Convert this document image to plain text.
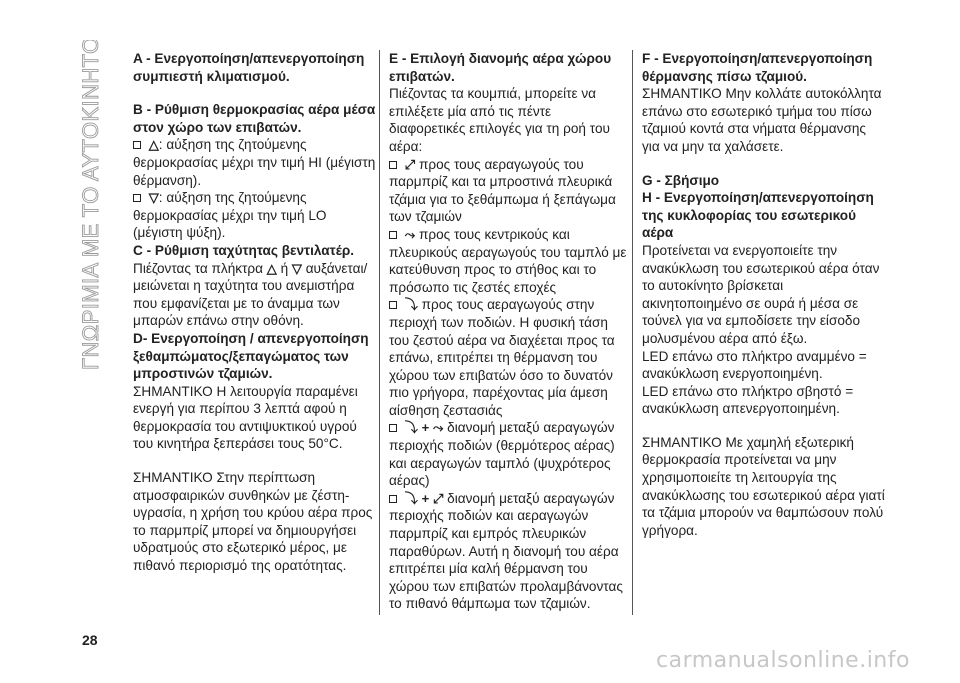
ΓΝΩΡΙΜΙΑ ΜΕ ΤΟ ΑΥΤΟΚΙΝΗΤΟ A - Ενεργοποίηση/απενεργοποίηση συμπιεστή κλιματισμού.

B - Ρύθμιση θερμοκρασίας αέρα μέσα στον χώρο των επιβατών.

△: αύξηση της ζητούμενης θερμοκρασίας μέχρι την τιμή HI (μέγιστη θέρμανση).

▽: αύξηση της ζητούμενης θερμοκρασίας μέχρι την τιμή LO (μέγιστη ψύξη).

C - Ρύθμιση ταχύτητας βεντιλατέρ.

Πιέζοντας τα πλήκτρα △ ή ▽ αυξάνεται/μειώνεται η ταχύτητα του ανεμιστήρα που εμφανίζεται με το άναμμα των μπαρών επάνω στην οθόνη.

D- Ενεργοποίηση / απενεργοποίηση ξεθαμπώματος/ξεπαγώματος των μπροστινών τζαμιών.

ΣΗΜΑΝΤΙΚΟ Η λειτουργία παραμένει ενεργή για περίπου 3 λεπτά αφού η θερμοκρασία του αντιψυκτικού υγρού του κινητήρα ξεπεράσει τους 50°C.

ΣΗΜΑΝΤΙΚΟ Στην περίπτωση ατμοσφαιρικών συνθηκών με ζέστη-υγρασία, η χρήση του κρύου αέρα προς το παρμπρίζ μπορεί να δημιουργήσει υδρατμούς στο εξωτερικό μέρος, με πιθανό περιορισμό της ορατότητας.

E - Επιλογή διανομής αέρα χώρου επιβατών.

Πιέζοντας τα κουμπιά, μπορείτε να επιλέξετε μία από τις πέντε διαφορετικές επιλογές για τη ροή του αέρα:

⤢ προς τους αεραγωγούς του παρμπρίζ και τα μπροστινά πλευρικά τζάμια για το ξεθάμπωμα ή ξεπάγωμα των τζαμιών

⤳ προς τους κεντρικούς και πλευρικούς αεραγωγούς του ταμπλό με κατεύθυνση προς το στήθος και το πρόσωπο τις ζεστές εποχές

⤵ προς τους αεραγωγούς στην περιοχή των ποδιών. Η φυσική τάση του ζεστού αέρα να διαχέεται προς τα επάνω, επιτρέπει τη θέρμανση του χώρου των επιβατών όσο το δυνατόν πιο γρήγορα, παρέχοντας μία άμεση αίσθηση ζεστασιάς

⤵ + ⤳ διανομή μεταξύ αεραγωγών περιοχής ποδιών (θερμότερος αέρας) και αεραγωγών ταμπλό (ψυχρότερος αέρας)

⤵ + ⤢ διανομή μεταξύ αεραγωγών περιοχής ποδιών και αεραγωγών παρμπρίζ και εμπρός πλευρικών παραθύρων. Αυτή η διανομή του αέρα επιτρέπει μία καλή θέρμανση του χώρου των επιβατών προλαμβάνοντας το πιθανό θάμπωμα των τζαμιών.

F - Ενεργοποίηση/απενεργοποίηση θέρμανσης πίσω τζαμιού.

ΣΗΜΑΝΤΙΚΟ Μην κολλάτε αυτοκόλλητα επάνω στο εσωτερικό τμήμα του πίσω τζαμιού κοντά στα νήματα θέρμανσης για να μην τα χαλάσετε.

G - Σβήσιμο

H - Ενεργοποίηση/απενεργοποίηση της κυκλοφορίας του εσωτερικού αέρα

Προτείνεται να ενεργοποιείτε την ανακύκλωση του εσωτερικού αέρα όταν το αυτοκίνητο βρίσκεται ακινητοποιημένο σε ουρά ή μέσα σε τούνελ για να εμποδίσετε την είσοδο μολυσμένου αέρα από έξω.

LED επάνω στο πλήκτρο αναμμένο = ανακύκλωση ενεργοποιημένη.

LED επάνω στο πλήκτρο σβηστό = ανακύκλωση απενεργοποιημένη.

ΣΗΜΑΝΤΙΚΟ Με χαμηλή εξωτερική θερμοκρασία προτείνεται να μην χρησιμοποιείτε τη λειτουργία της ανακύκλωσης του εσωτερικού αέρα γιατί τα τζάμια μπορούν να θαμπώσουν πολύ γρήγορα.

28
carmanualsonline.info
